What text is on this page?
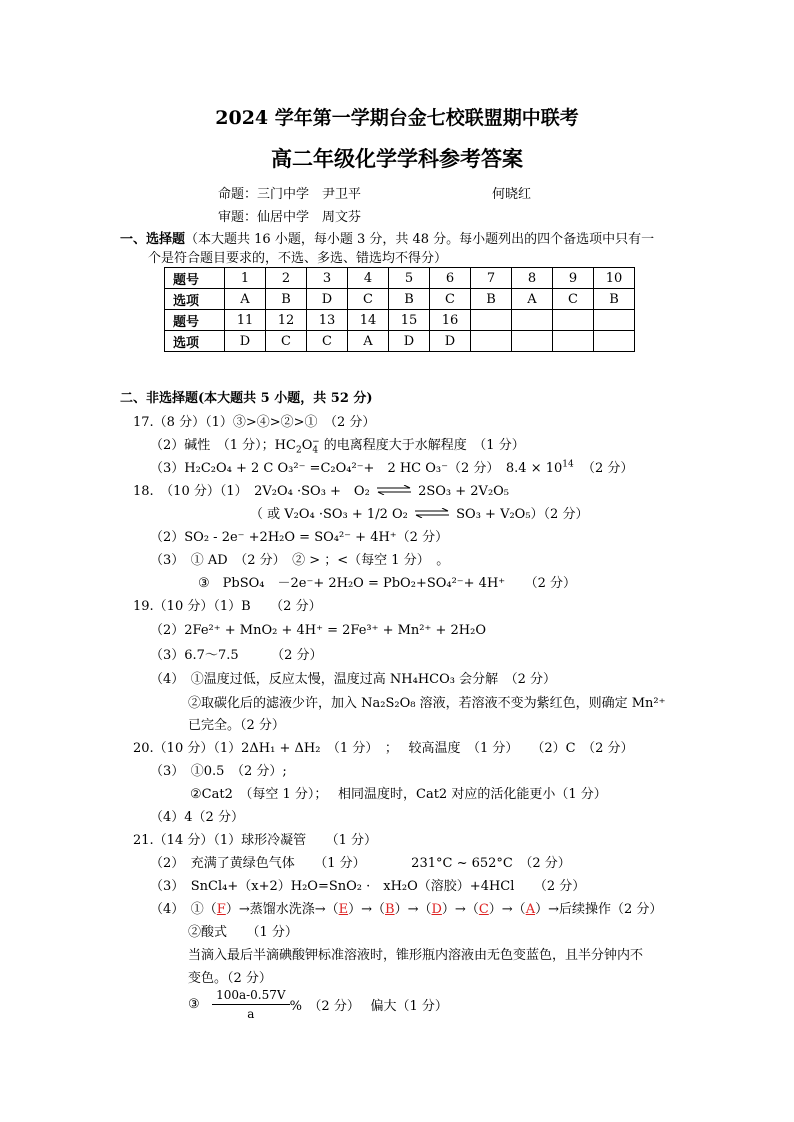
2024 学年第一学期台金七校联盟期中联考
高二年级化学学科参考答案
命题：三门中学　尹卫平	何晓红
审题：仙居中学　周文芬
一、选择题（本大题共 16 小题，每小题 3 分，共 48 分。每小题列出的四个备选项中只有一
个是符合题目要求的，不选、多选、错选均不得分）
题号	1	2	3	4	5	6	7	8	9	10
选项	A	B	D	C	B	C	B	A	C	B
题号	11	12	13	14	15	16				
选项	D	C	C	A	D	D				
二、非选择题(本大题共 5 小题，共 52 分)
17.（8 分）（1）③>④>②>①　（2 分）
（2）碱性　（1 分）；$HC_2O_4^-$ 的电离程度大于水解程度　（1 分）
（3）H₂C₂O₄ + 2 C O₃²⁻ =C₂O₄²⁻+　2 HC O₃⁻（2 分）　$8.4 \times 10^{14}$ （2 分）
18.　（10 分）（1）　2V₂O₄ ·SO₃ +　O₂ ⇌ 2SO₃ + 2V₂O₅
（ 或 V₂O₄ ·SO₃ + 1/2 O₂ ⇌ SO₃ + V₂O₅）（2 分）
（2）SO₂ - 2e⁻ +2H₂O = SO₄²⁻ + 4H⁺（2 分）
（3）　① AD　（2 分）　② > ；<（每空 1 分）　。
③　PbSO₄　－2e⁻+ 2H₂O = PbO₂+SO₄²⁻+ 4H⁺　　（2 分）
19.（10 分）（1）B　　（2 分）
（2）2Fe²⁺ + MnO₂ + 4H⁺ = 2Fe³⁺ + Mn²⁺ + 2H₂O
（3）6.7～7.5　　　（2 分）
（4）　①温度过低，反应太慢，温度过高 NH₄HCO₃ 会分解　（2 分）
②取碳化后的滤液少许，加入 Na₂S₂O₈ 溶液，若溶液不变为紫红色，则确定 Mn²⁺
已完全。（2 分）
20.（10 分）（1）2ΔH₁ + ΔH₂　（1 分）　；　 较高温度　（1 分）　　（2）C　（2 分）
（3）　①0.5　（2 分）;
②Cat2　（每空 1 分）；　 相同温度时，Cat2 对应的活化能更小（1 分）
（4）4（2 分）
21.（14 分）（1）球形冷凝管　　（1 分）
（2）　充满了黄绿色气体　　（1 分）　　　　231°C ~ 652°C　（2 分）
（3）　SnCl₄+（x+2）H₂O=SnO₂ ·　xH₂O（溶胶）+4HCl　　（2 分）
（4）　①（F）→蒸馏水洗涤→（E）→（B）→（D）→（C）→（A）→后续操作（2 分）
②酸式　　（1 分）
当滴入最后半滴碘酸钾标准溶液时，锥形瓶内溶液由无色变蓝色，且半分钟内不
变色。（2 分）
③ $\frac{100a-0.57V}{a}$ %　（2 分）　 偏大（1 分）
